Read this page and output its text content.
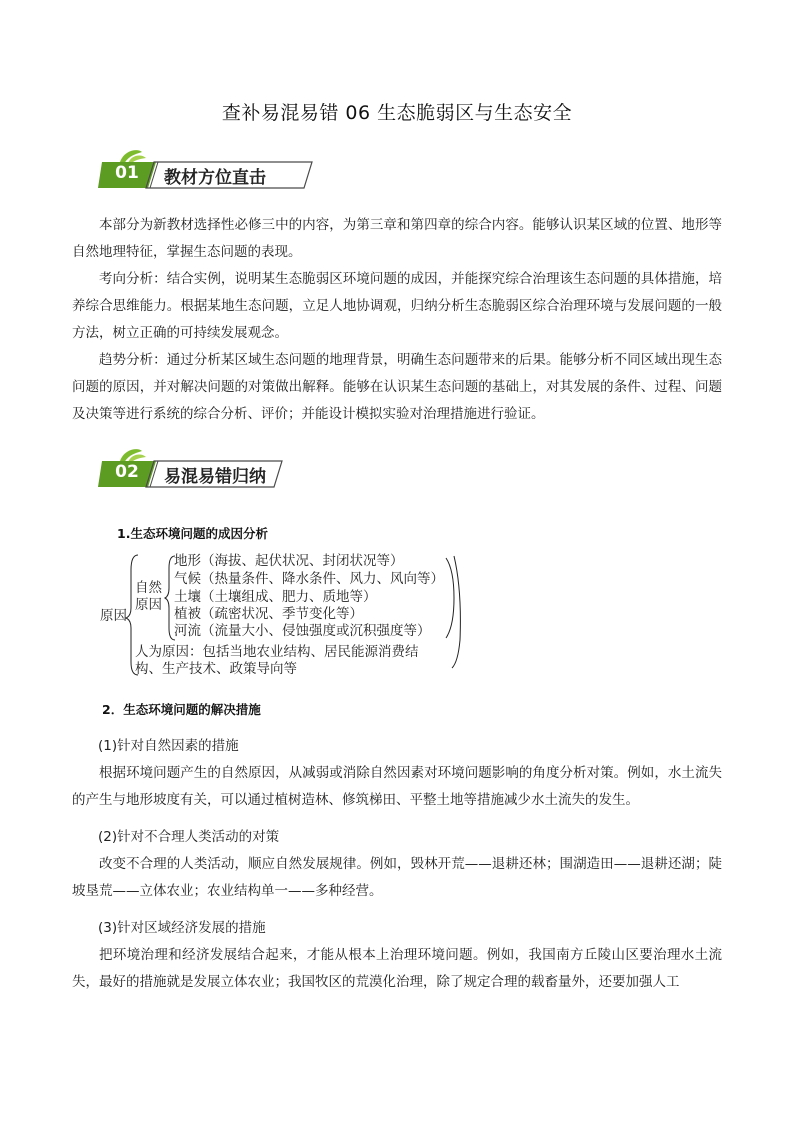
查补易混易错 06 生态脆弱区与生态安全
01	教材方位直击
本部分为新教材选择性必修三中的内容，为第三章和第四章的综合内容。能够认识某区域的位置、地形等自然地理特征，掌握生态问题的表现。
考向分析：结合实例，说明某生态脆弱区环境问题的成因，并能探究综合治理该生态问题的具体措施，培养综合思维能力。根据某地生态问题，立足人地协调观，归纳分析生态脆弱区综合治理环境与发展问题的一般方法，树立正确的可持续发展观念。
趋势分析：通过分析某区域生态问题的地理背景，明确生态问题带来的后果。能够分析不同区域出现生态问题的原因，并对解决问题的对策做出解释。能够在认识某生态问题的基础上，对其发展的条件、过程、问题及决策等进行系统的综合分析、评价；并能设计模拟实验对治理措施进行验证。
02	易混易错归纳
1.生态环境问题的成因分析
原因
自然
原因
地形（海拔、起伏状况、封闭状况等）
气候（热量条件、降水条件、风力、风向等）
土壤（土壤组成、肥力、质地等）
植被（疏密状况、季节变化等）
河流（流量大小、侵蚀强度或沉积强度等）
人为原因：包括当地农业结构、居民能源消费结
构、生产技术、政策导向等
2．生态环境问题的解决措施
(1)针对自然因素的措施
根据环境问题产生的自然原因，从减弱或消除自然因素对环境问题影响的角度分析对策。例如，水土流失的产生与地形坡度有关，可以通过植树造林、修筑梯田、平整土地等措施减少水土流失的发生。
(2)针对不合理人类活动的对策
改变不合理的人类活动，顺应自然发展规律。例如，毁林开荒——退耕还林；围湖造田——退耕还湖；陡坡垦荒——立体农业；农业结构单一——多种经营。
(3)针对区域经济发展的措施
把环境治理和经济发展结合起来，才能从根本上治理环境问题。例如，我国南方丘陵山区要治理水土流失，最好的措施就是发展立体农业；我国牧区的荒漠化治理，除了规定合理的载畜量外，还要加强人工
